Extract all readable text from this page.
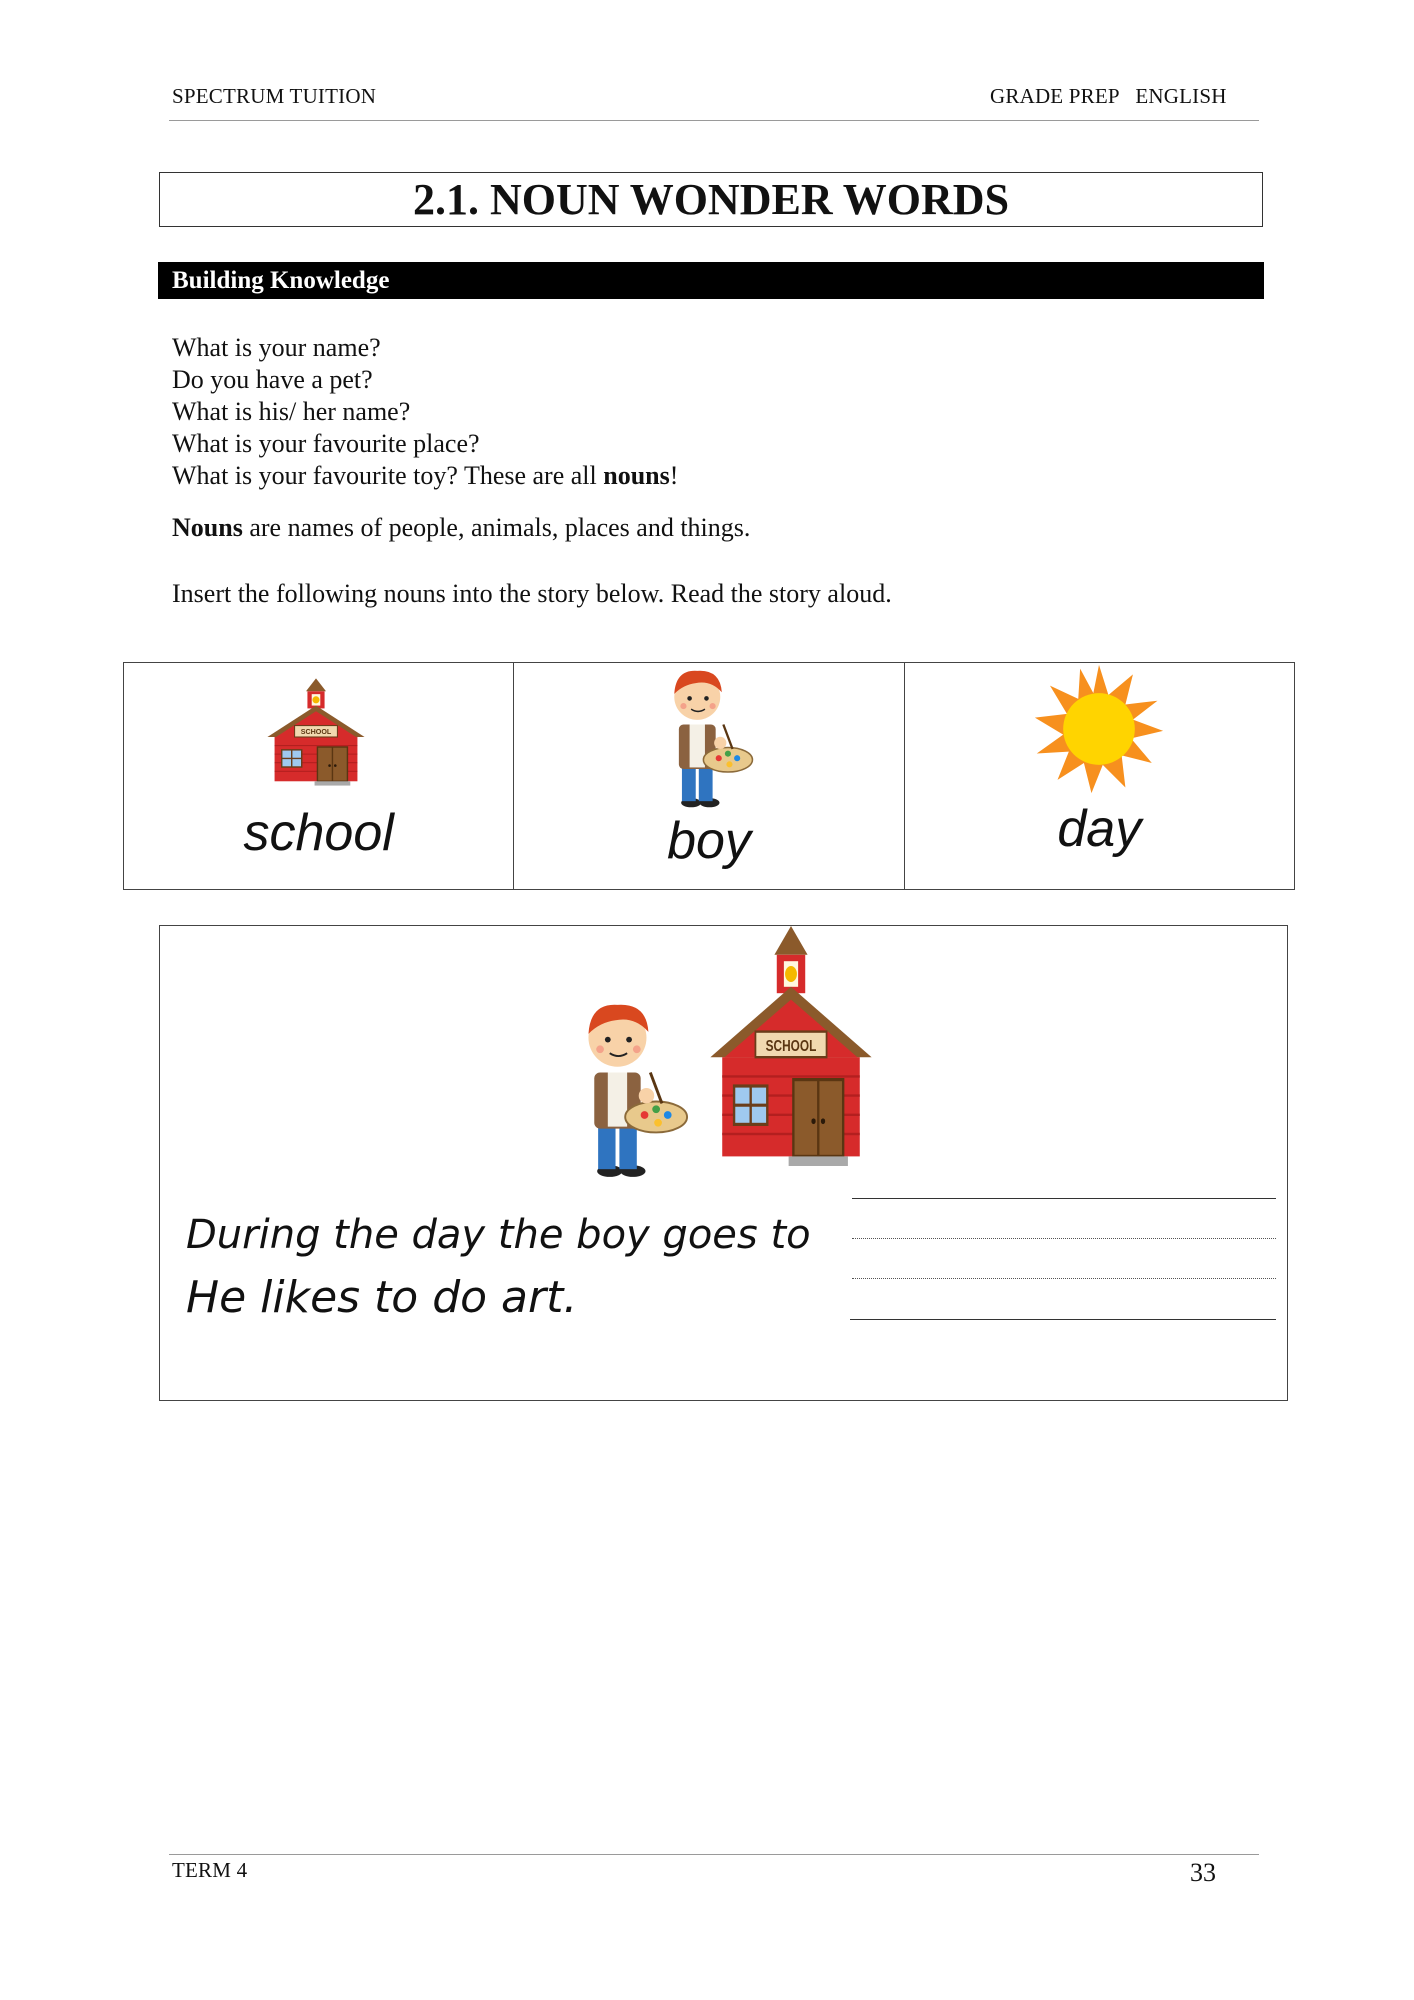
SPECTRUM TUITION	GRADE PREP   ENGLISH
2.1. NOUN WONDER WORDS
Building Knowledge
What is your name?
Do you have a pet?
What is his/ her name?
What is your favourite place?
What is your favourite toy? These are all nouns!
Nouns are names of people, animals, places and things.
Insert the following nouns into the story below. Read the story aloud.
SCHOOL
school	boy	day
SCHOOL
During the day the boy goes to
He likes to do art.
TERM 4	33
